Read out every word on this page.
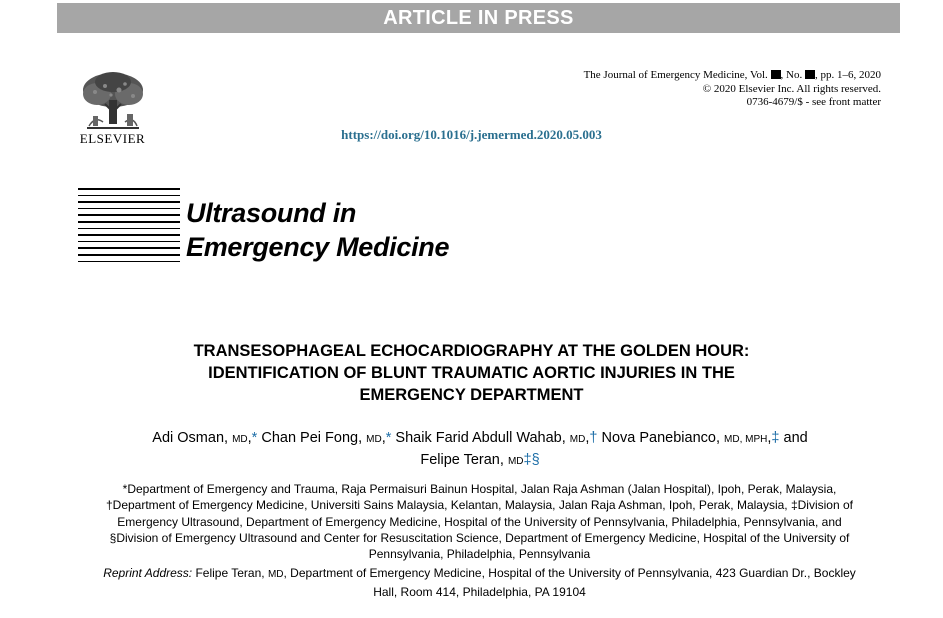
ARTICLE IN PRESS
ELSEVIER
The Journal of Emergency Medicine, Vol. , No. , pp. 1–6, 2020
© 2020 Elsevier Inc. All rights reserved.
0736-4679/$ - see front matter
https://doi.org/10.1016/j.jemermed.2020.05.003
Ultrasound in
Emergency Medicine
TRANSESOPHAGEAL ECHOCARDIOGRAPHY AT THE GOLDEN HOUR:
IDENTIFICATION OF BLUNT TRAUMATIC AORTIC INJURIES IN THE
EMERGENCY DEPARTMENT
Adi Osman, MD,* Chan Pei Fong, MD,* Shaik Farid Abdull Wahab, MD,† Nova Panebianco, MD, MPH,‡ and
Felipe Teran, MD‡§
*Department of Emergency and Trauma, Raja Permaisuri Bainun Hospital, Jalan Raja Ashman (Jalan Hospital), Ipoh, Perak, Malaysia,
†Department of Emergency Medicine, Universiti Sains Malaysia, Kelantan, Malaysia, Jalan Raja Ashman, Ipoh, Perak, Malaysia, ‡Division of
Emergency Ultrasound, Department of Emergency Medicine, Hospital of the University of Pennsylvania, Philadelphia, Pennsylvania, and
§Division of Emergency Ultrasound and Center for Resuscitation Science, Department of Emergency Medicine, Hospital of the University of
Pennsylvania, Philadelphia, Pennsylvania
Reprint Address: Felipe Teran, MD, Department of Emergency Medicine, Hospital of the University of Pennsylvania, 423 Guardian Dr., Bockley
Hall, Room 414, Philadelphia, PA 19104
